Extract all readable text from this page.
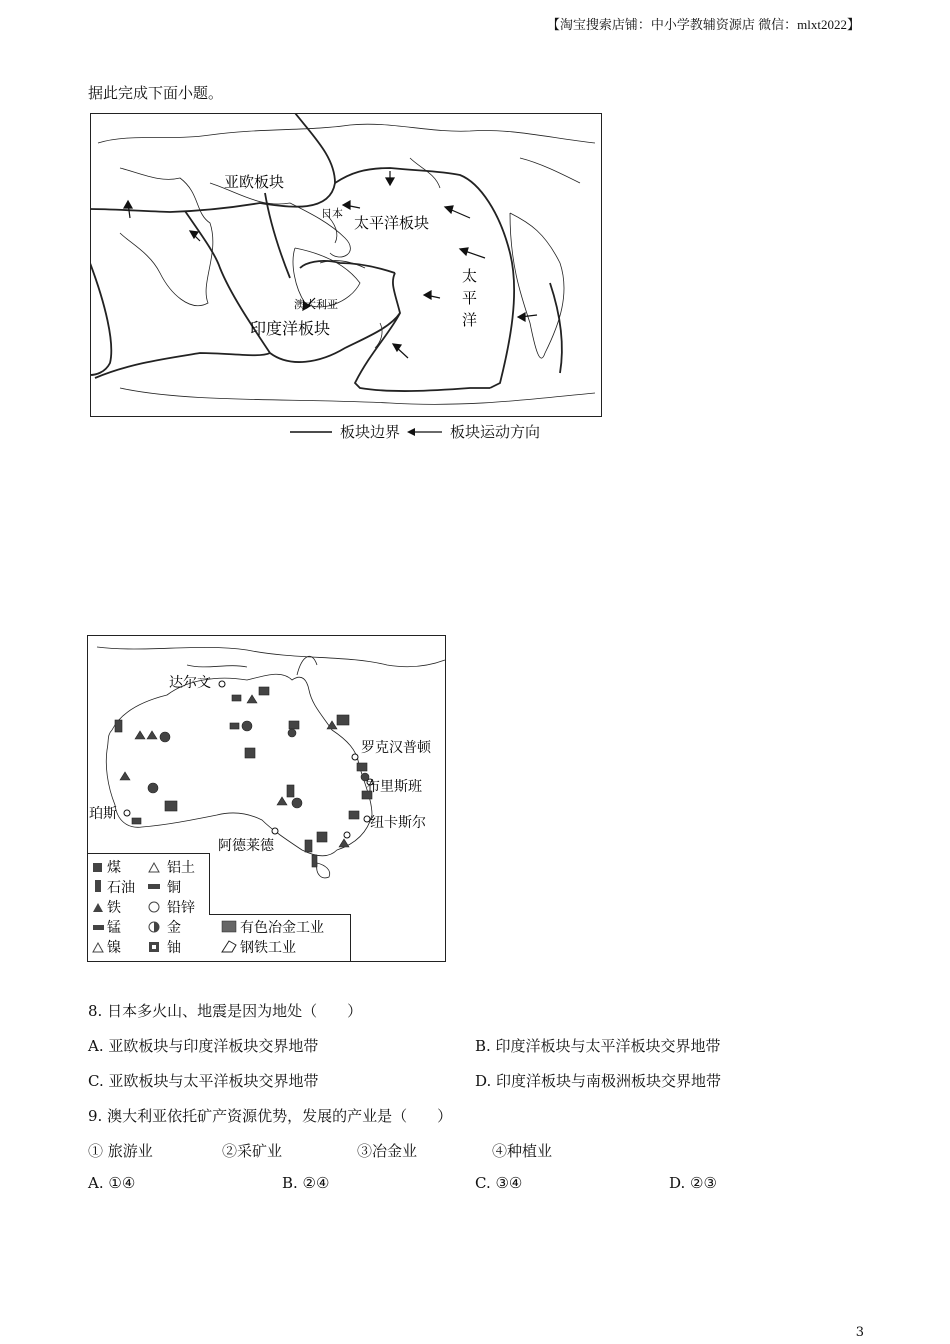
【淘宝搜索店铺：中小学教辅资源店 微信：mlxt2022】
据此完成下面小题。
亚欧板块
太平洋板块
日本
澳大利亚
印度洋板块
太
平
洋
板块边界	板块运动方向
达尔文
罗克汉普顿
布里斯班
纽卡斯尔
珀斯
阿德莱德
煤	铝土
石油 铜
铁	铅锌
锰	金
镍	铀
有色冶金工业
钢铁工业
8. 日本多火山、地震是因为地处（　　）
A. 亚欧板块与印度洋板块交界地带	B. 印度洋板块与太平洋板块交界地带
C. 亚欧板块与太平洋板块交界地带	D. 印度洋板块与南极洲板块交界地带
9. 澳大利亚依托矿产资源优势，发展的产业是（　　）
① 旅游业	②采矿业	③冶金业	④种植业
A. ①④	B. ②④	C. ③④	D. ②③
3
